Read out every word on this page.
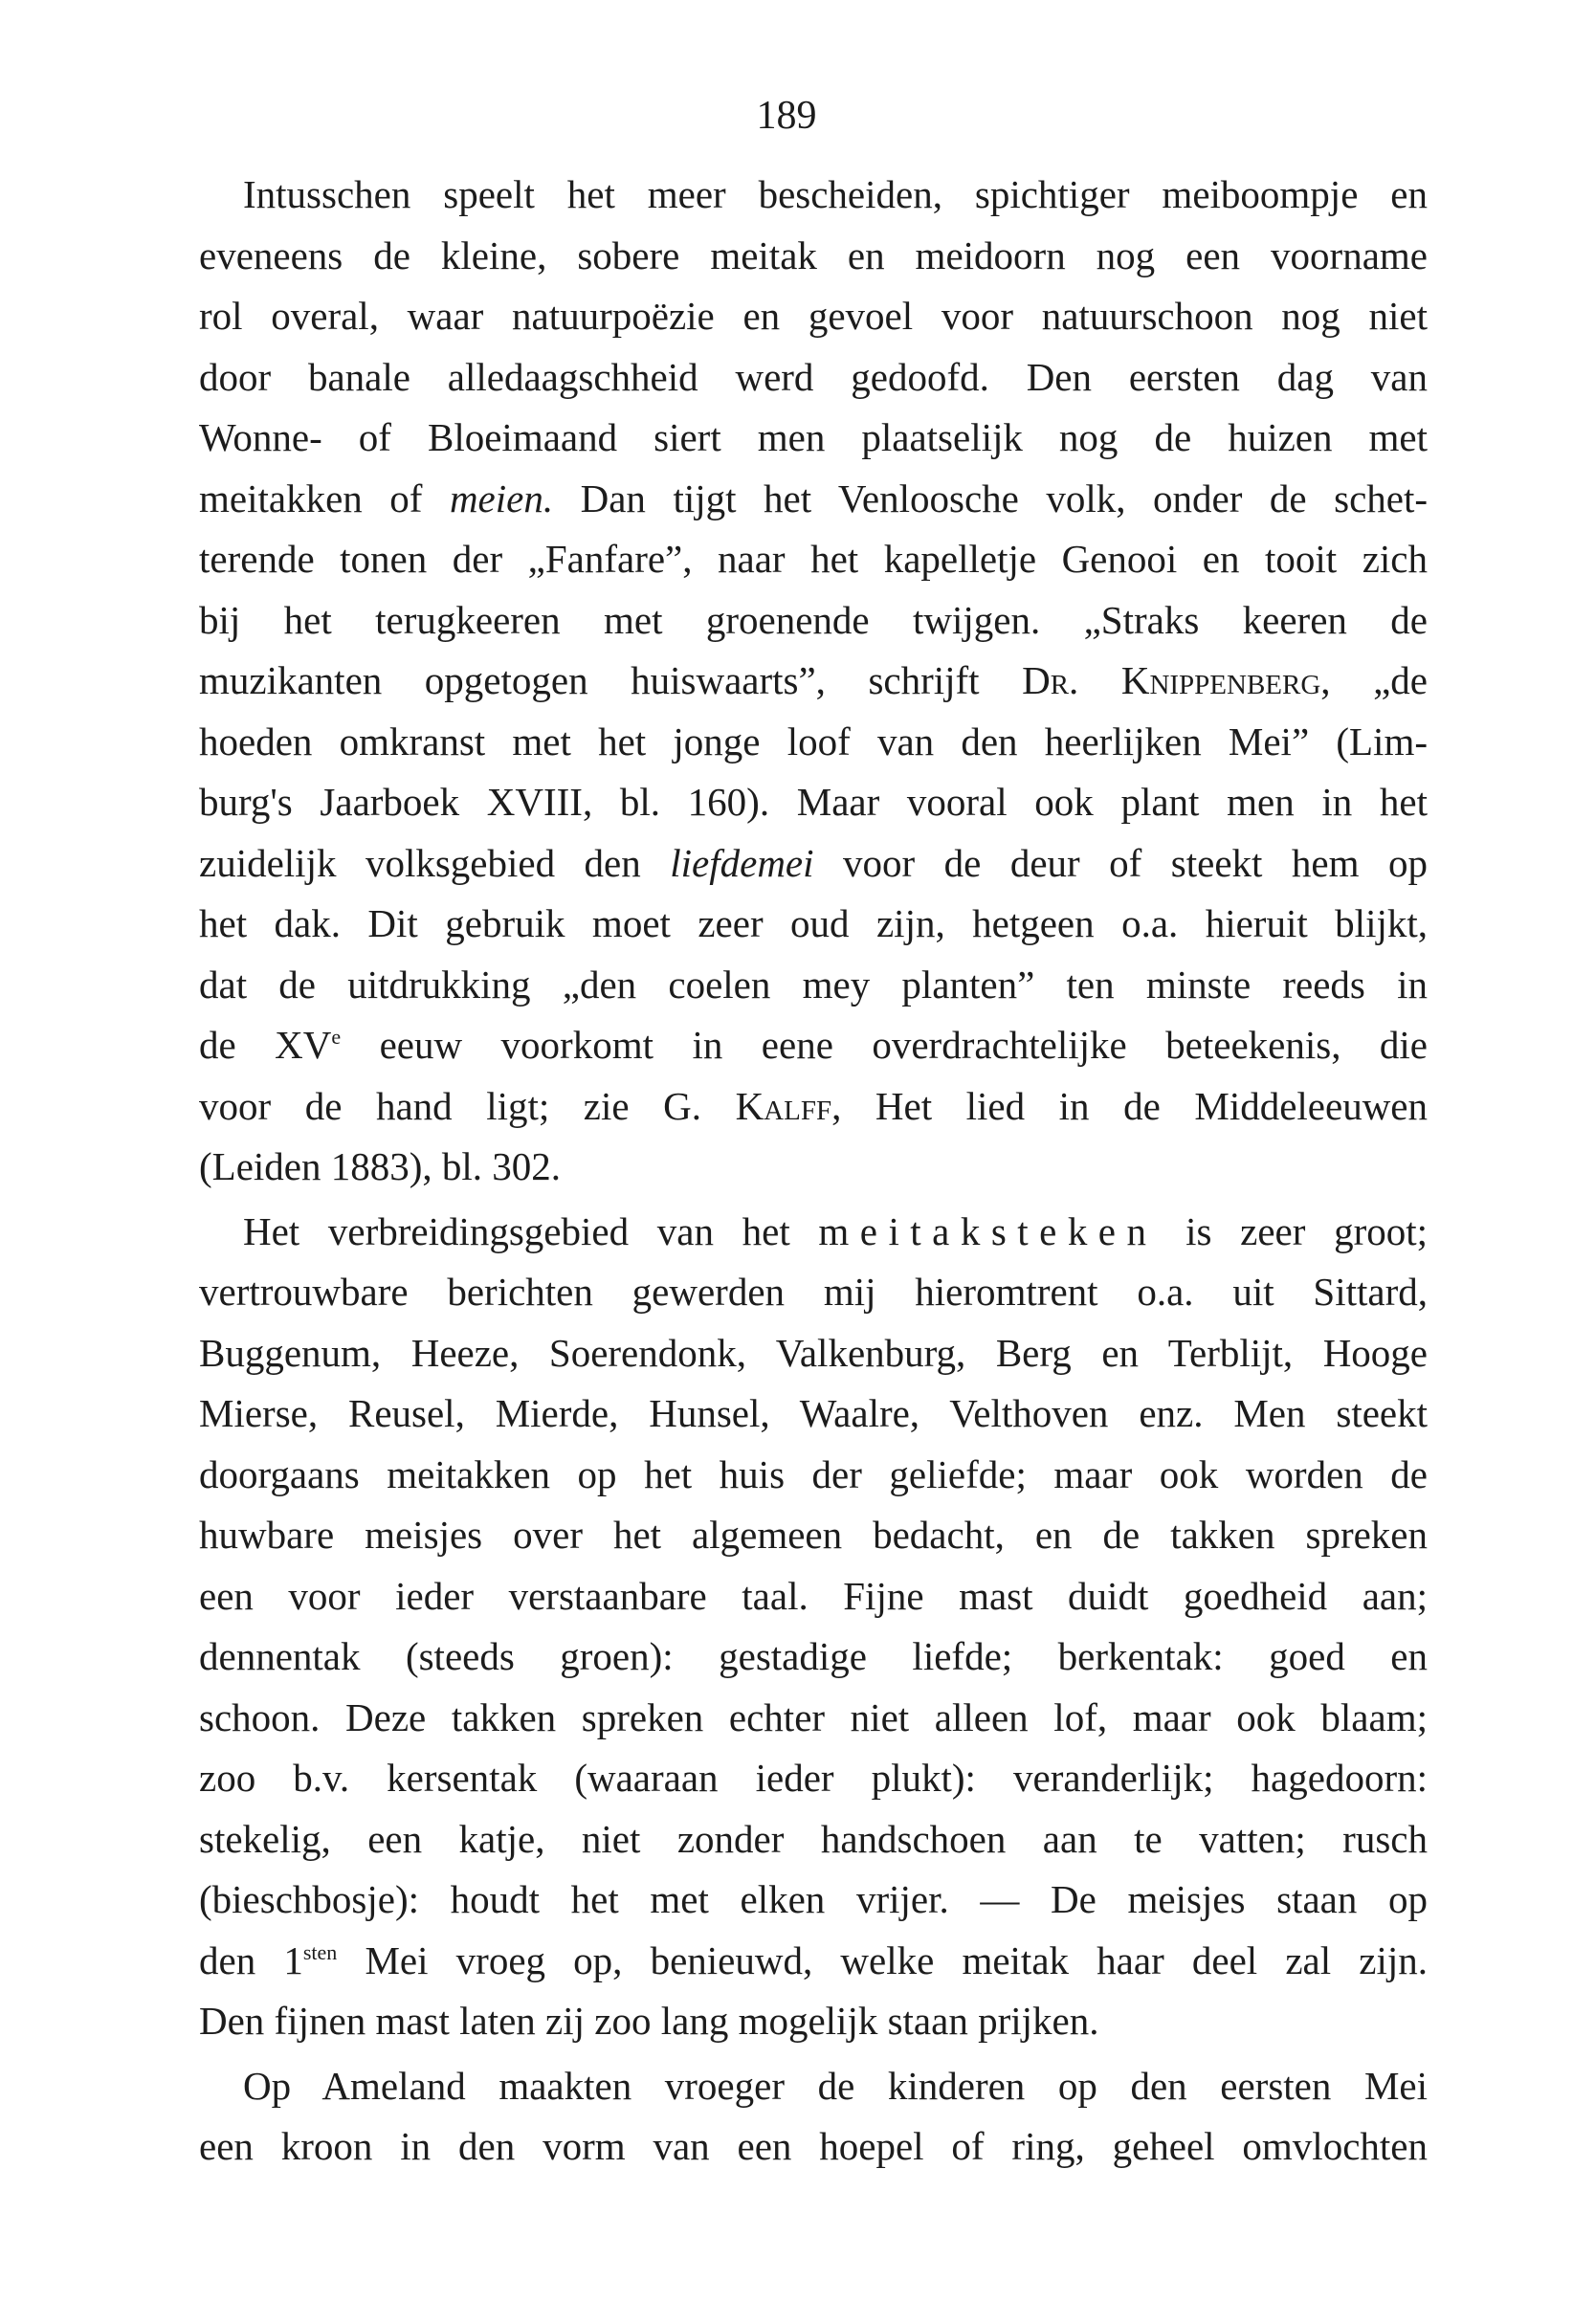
189
Intusschen speelt het meer bescheiden, spichtiger meiboompje en
eveneens de kleine, sobere meitak en meidoorn nog een voorname
rol overal, waar natuurpoëzie en gevoel voor natuurschoon nog niet
door banale alledaagschheid werd gedoofd. Den eersten dag van
Wonne- of Bloeimaand siert men plaatselijk nog de huizen met
meitakken of meien. Dan tijgt het Venloosche volk, onder de schet-
terende tonen der „Fanfare”, naar het kapelletje Genooi en tooit zich
bij het terugkeeren met groenende twijgen. „Straks keeren de
muzikanten opgetogen huiswaarts”, schrijft Dr. Knippenberg, „de
hoeden omkranst met het jonge loof van den heerlijken Mei” (Lim-
burg's Jaarboek XVIII, bl. 160). Maar vooral ook plant men in het
zuidelijk volksgebied den liefdemei voor de deur of steekt hem op
het dak. Dit gebruik moet zeer oud zijn, hetgeen o.a. hieruit blijkt,
dat de uitdrukking „den coelen mey planten” ten minste reeds in
de XVe eeuw voorkomt in eene overdrachtelijke beteekenis, die
voor de hand ligt; zie G. Kalff, Het lied in de Middeleeuwen
(Leiden 1883), bl. 302.
Het verbreidingsgebied van het meitaksteken is zeer groot;
vertrouwbare berichten gewerden mij hieromtrent o.a. uit Sittard,
Buggenum, Heeze, Soerendonk, Valkenburg, Berg en Terblijt, Hooge
Mierse, Reusel, Mierde, Hunsel, Waalre, Velthoven enz. Men steekt
doorgaans meitakken op het huis der geliefde; maar ook worden de
huwbare meisjes over het algemeen bedacht, en de takken spreken
een voor ieder verstaanbare taal. Fijne mast duidt goedheid aan;
dennentak (steeds groen): gestadige liefde; berkentak: goed en
schoon. Deze takken spreken echter niet alleen lof, maar ook blaam;
zoo b.v. kersentak (waaraan ieder plukt): veranderlijk; hagedoorn:
stekelig, een katje, niet zonder handschoen aan te vatten; rusch
(bieschbosje): houdt het met elken vrijer. — De meisjes staan op
den $1^{sten}$ Mei vroeg op, benieuwd, welke meitak haar deel zal zijn.
Den fijnen mast laten zij zoo lang mogelijk staan prijken.
Op Ameland maakten vroeger de kinderen op den eersten Mei
een kroon in den vorm van een hoepel of ring, geheel omvlochten
